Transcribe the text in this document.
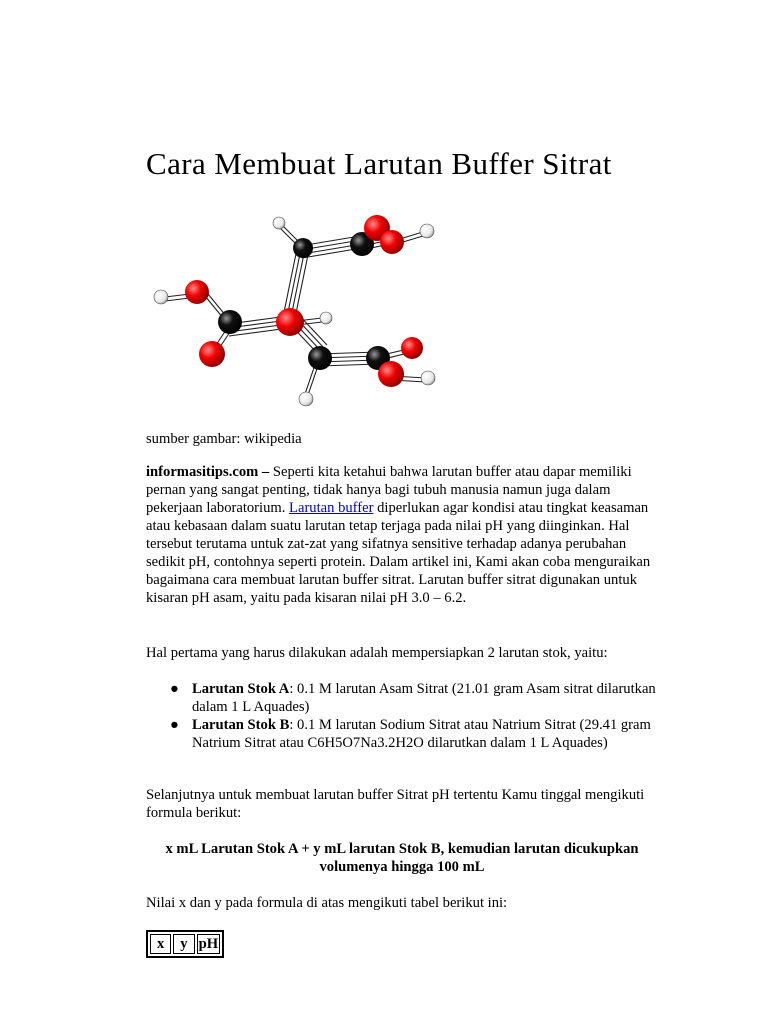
Cara Membuat Larutan Buffer Sitrat

sumber gambar: wikipedia

informasitips.com – Seperti kita ketahui bahwa larutan buffer atau dapar memiliki pernan yang sangat penting, tidak hanya bagi tubuh manusia namun juga dalam pekerjaan laboratorium. Larutan buffer diperlukan agar kondisi atau tingkat keasaman atau kebasaan dalam suatu larutan tetap terjaga pada nilai pH yang diinginkan. Hal tersebut terutama untuk zat-zat yang sifatnya sensitive terhadap adanya perubahan sedikit pH, contohnya seperti protein. Dalam artikel ini, Kami akan coba menguraikan bagaimana cara membuat larutan buffer sitrat. Larutan buffer sitrat digunakan untuk kisaran pH asam, yaitu pada kisaran nilai pH 3.0 – 6.2.

Hal pertama yang harus dilakukan adalah mempersiapkan 2 larutan stok, yaitu:

● Larutan Stok A: 0.1 M larutan Asam Sitrat (21.01 gram Asam sitrat dilarutkan dalam 1 L Aquades)
● Larutan Stok B: 0.1 M larutan Sodium Sitrat atau Natrium Sitrat (29.41 gram Natrium Sitrat atau C6H5O7Na3.2H2O dilarutkan dalam 1 L Aquades)

Selanjutnya untuk membuat larutan buffer Sitrat pH tertentu Kamu tinggal mengikuti formula berikut:

x mL Larutan Stok A + y mL larutan Stok B, kemudian larutan dicukupkan volumenya hingga 100 mL

Nilai x dan y pada formula di atas mengikuti tabel berikut ini:

x	y	pH
